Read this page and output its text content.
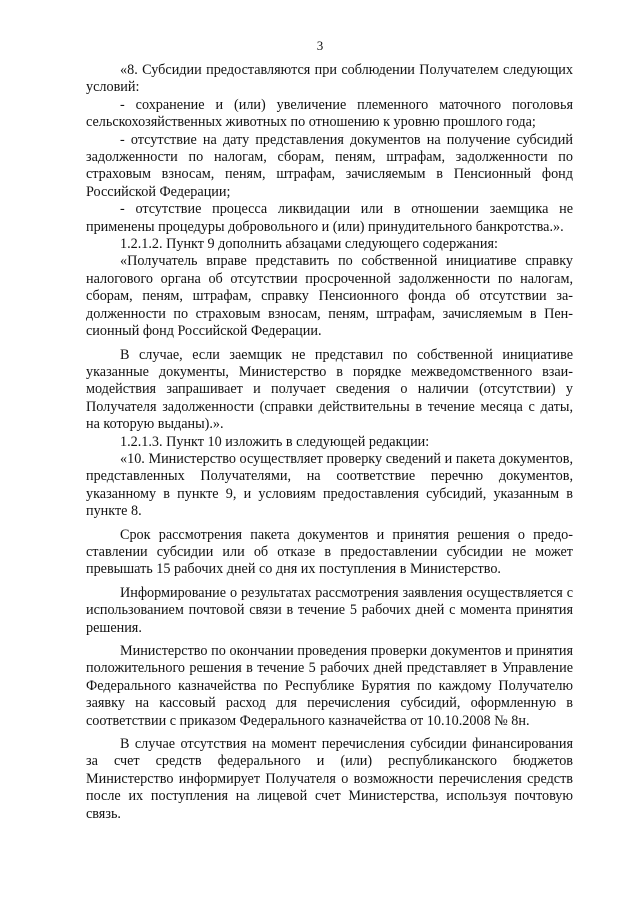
3

«8. Субсидии предоставляются при соблюдении Получателем следующих условий:

- сохранение и (или) увеличение племенного маточного поголовья сельскохозяйственных животных по отношению к уровню прошлого года;

- отсутствие на дату представления документов на получение субсидий задолженности по налогам, сборам, пеням, штрафам, задолженности по страховым взносам, пеням, штрафам, зачисляемым в Пенсионный фонд Российской Федерации;

- отсутствие процесса ликвидации или в отношении заемщика не применены процедуры добровольного и (или) принудительного банкротства.».

1.2.1.2. Пункт 9 дополнить абзацами следующего содержания:

«Получатель вправе представить по собственной инициативе справку налогового органа об отсутствии просроченной задолженности по налогам, сборам, пеням, штрафам, справку Пенсионного фонда об отсутствии задолженности по страховым взносам, пеням, штрафам, зачисляемым в Пенсионный фонд Российской Федерации.

В случае, если заемщик не представил по собственной инициативе указанные документы, Министерство в порядке межведомственного взаимодействия запрашивает и получает сведения о наличии (отсутствии) у Получателя задолженности (справки действительны в течение месяца с даты, на которую выданы).».

1.2.1.3. Пункт 10 изложить в следующей редакции:

«10. Министерство осуществляет проверку сведений и пакета документов, представленных Получателями, на соответствие перечню документов, указанному в пункте 9, и условиям предоставления субсидий, указанным в пункте 8.

Срок рассмотрения пакета документов и принятия решения о предоставлении субсидии или об отказе в предоставлении субсидии не может превышать 15 рабочих дней со дня их поступления в Министерство.

Информирование о результатах рассмотрения заявления осуществляется с использованием почтовой связи в течение 5 рабочих дней с момента принятия решения.

Министерство по окончании проведения проверки документов и принятия положительного решения в течение 5 рабочих дней представляет в Управление Федерального казначейства по Республике Бурятия по каждому Получателю заявку на кассовый расход для перечисления субсидий, оформленную в соответствии с приказом Федерального казначейства от 10.10.2008 № 8н.

В случае отсутствия на момент перечисления субсидии финансирования за счет средств федерального и (или) республиканского бюджетов Министерство информирует Получателя о возможности перечисления средств после их поступления на лицевой счет Министерства, используя почтовую связь.
